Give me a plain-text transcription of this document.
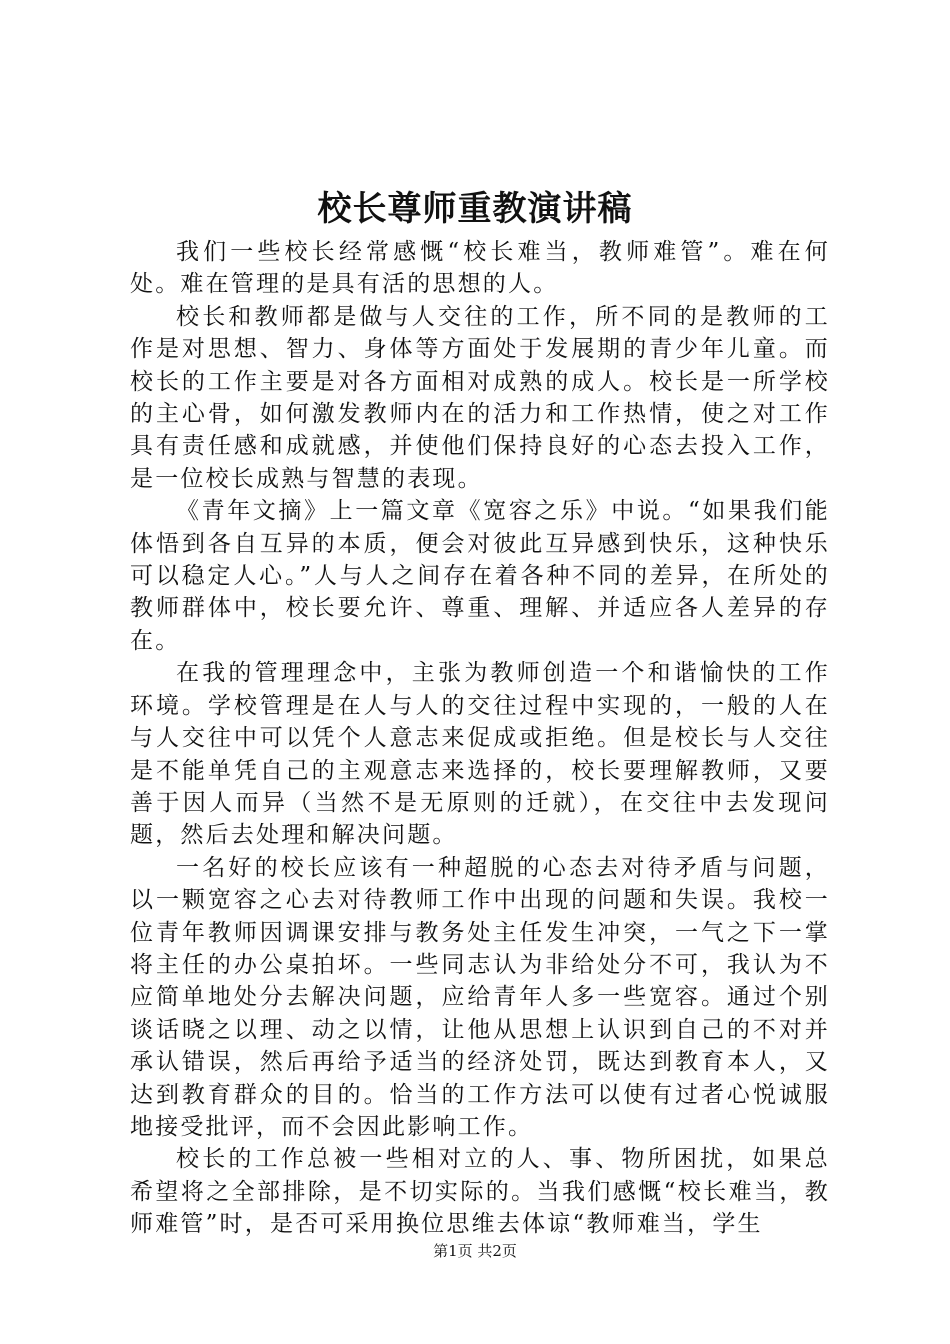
校长尊师重教演讲稿

我们一些校长经常感慨“校长难当，教师难管”。难在何处。难在管理的是具有活的思想的人。

校长和教师都是做与人交往的工作，所不同的是教师的工作是对思想、智力、身体等方面处于发展期的青少年儿童。而校长的工作主要是对各方面相对成熟的成人。校长是一所学校的主心骨，如何激发教师内在的活力和工作热情，使之对工作具有责任感和成就感，并使他们保持良好的心态去投入工作，是一位校长成熟与智慧的表现。

《青年文摘》上一篇文章《宽容之乐》中说。“如果我们能体悟到各自互异的本质，便会对彼此互异感到快乐，这种快乐可以稳定人心。”人与人之间存在着各种不同的差异，在所处的教师群体中，校长要允许、尊重、理解、并适应各人差异的存在。

在我的管理理念中，主张为教师创造一个和谐愉快的工作环境。学校管理是在人与人的交往过程中实现的，一般的人在与人交往中可以凭个人意志来促成或拒绝。但是校长与人交往是不能单凭自己的主观意志来选择的，校长要理解教师，又要善于因人而异（当然不是无原则的迁就），在交往中去发现问题，然后去处理和解决问题。

一名好的校长应该有一种超脱的心态去对待矛盾与问题，以一颗宽容之心去对待教师工作中出现的问题和失误。我校一位青年教师因调课安排与教务处主任发生冲突，一气之下一掌将主任的办公桌拍坏。一些同志认为非给处分不可，我认为不应简单地处分去解决问题，应给青年人多一些宽容。通过个别谈话晓之以理、动之以情，让他从思想上认识到自己的不对并承认错误，然后再给予适当的经济处罚，既达到教育本人，又达到教育群众的目的。恰当的工作方法可以使有过者心悦诚服地接受批评，而不会因此影响工作。

校长的工作总被一些相对立的人、事、物所困扰，如果总希望将之全部排除，是不切实际的。当我们感慨“校长难当，教师难管”时，是否可采用换位思维去体谅“教师难当，学生

第1页 共2页
